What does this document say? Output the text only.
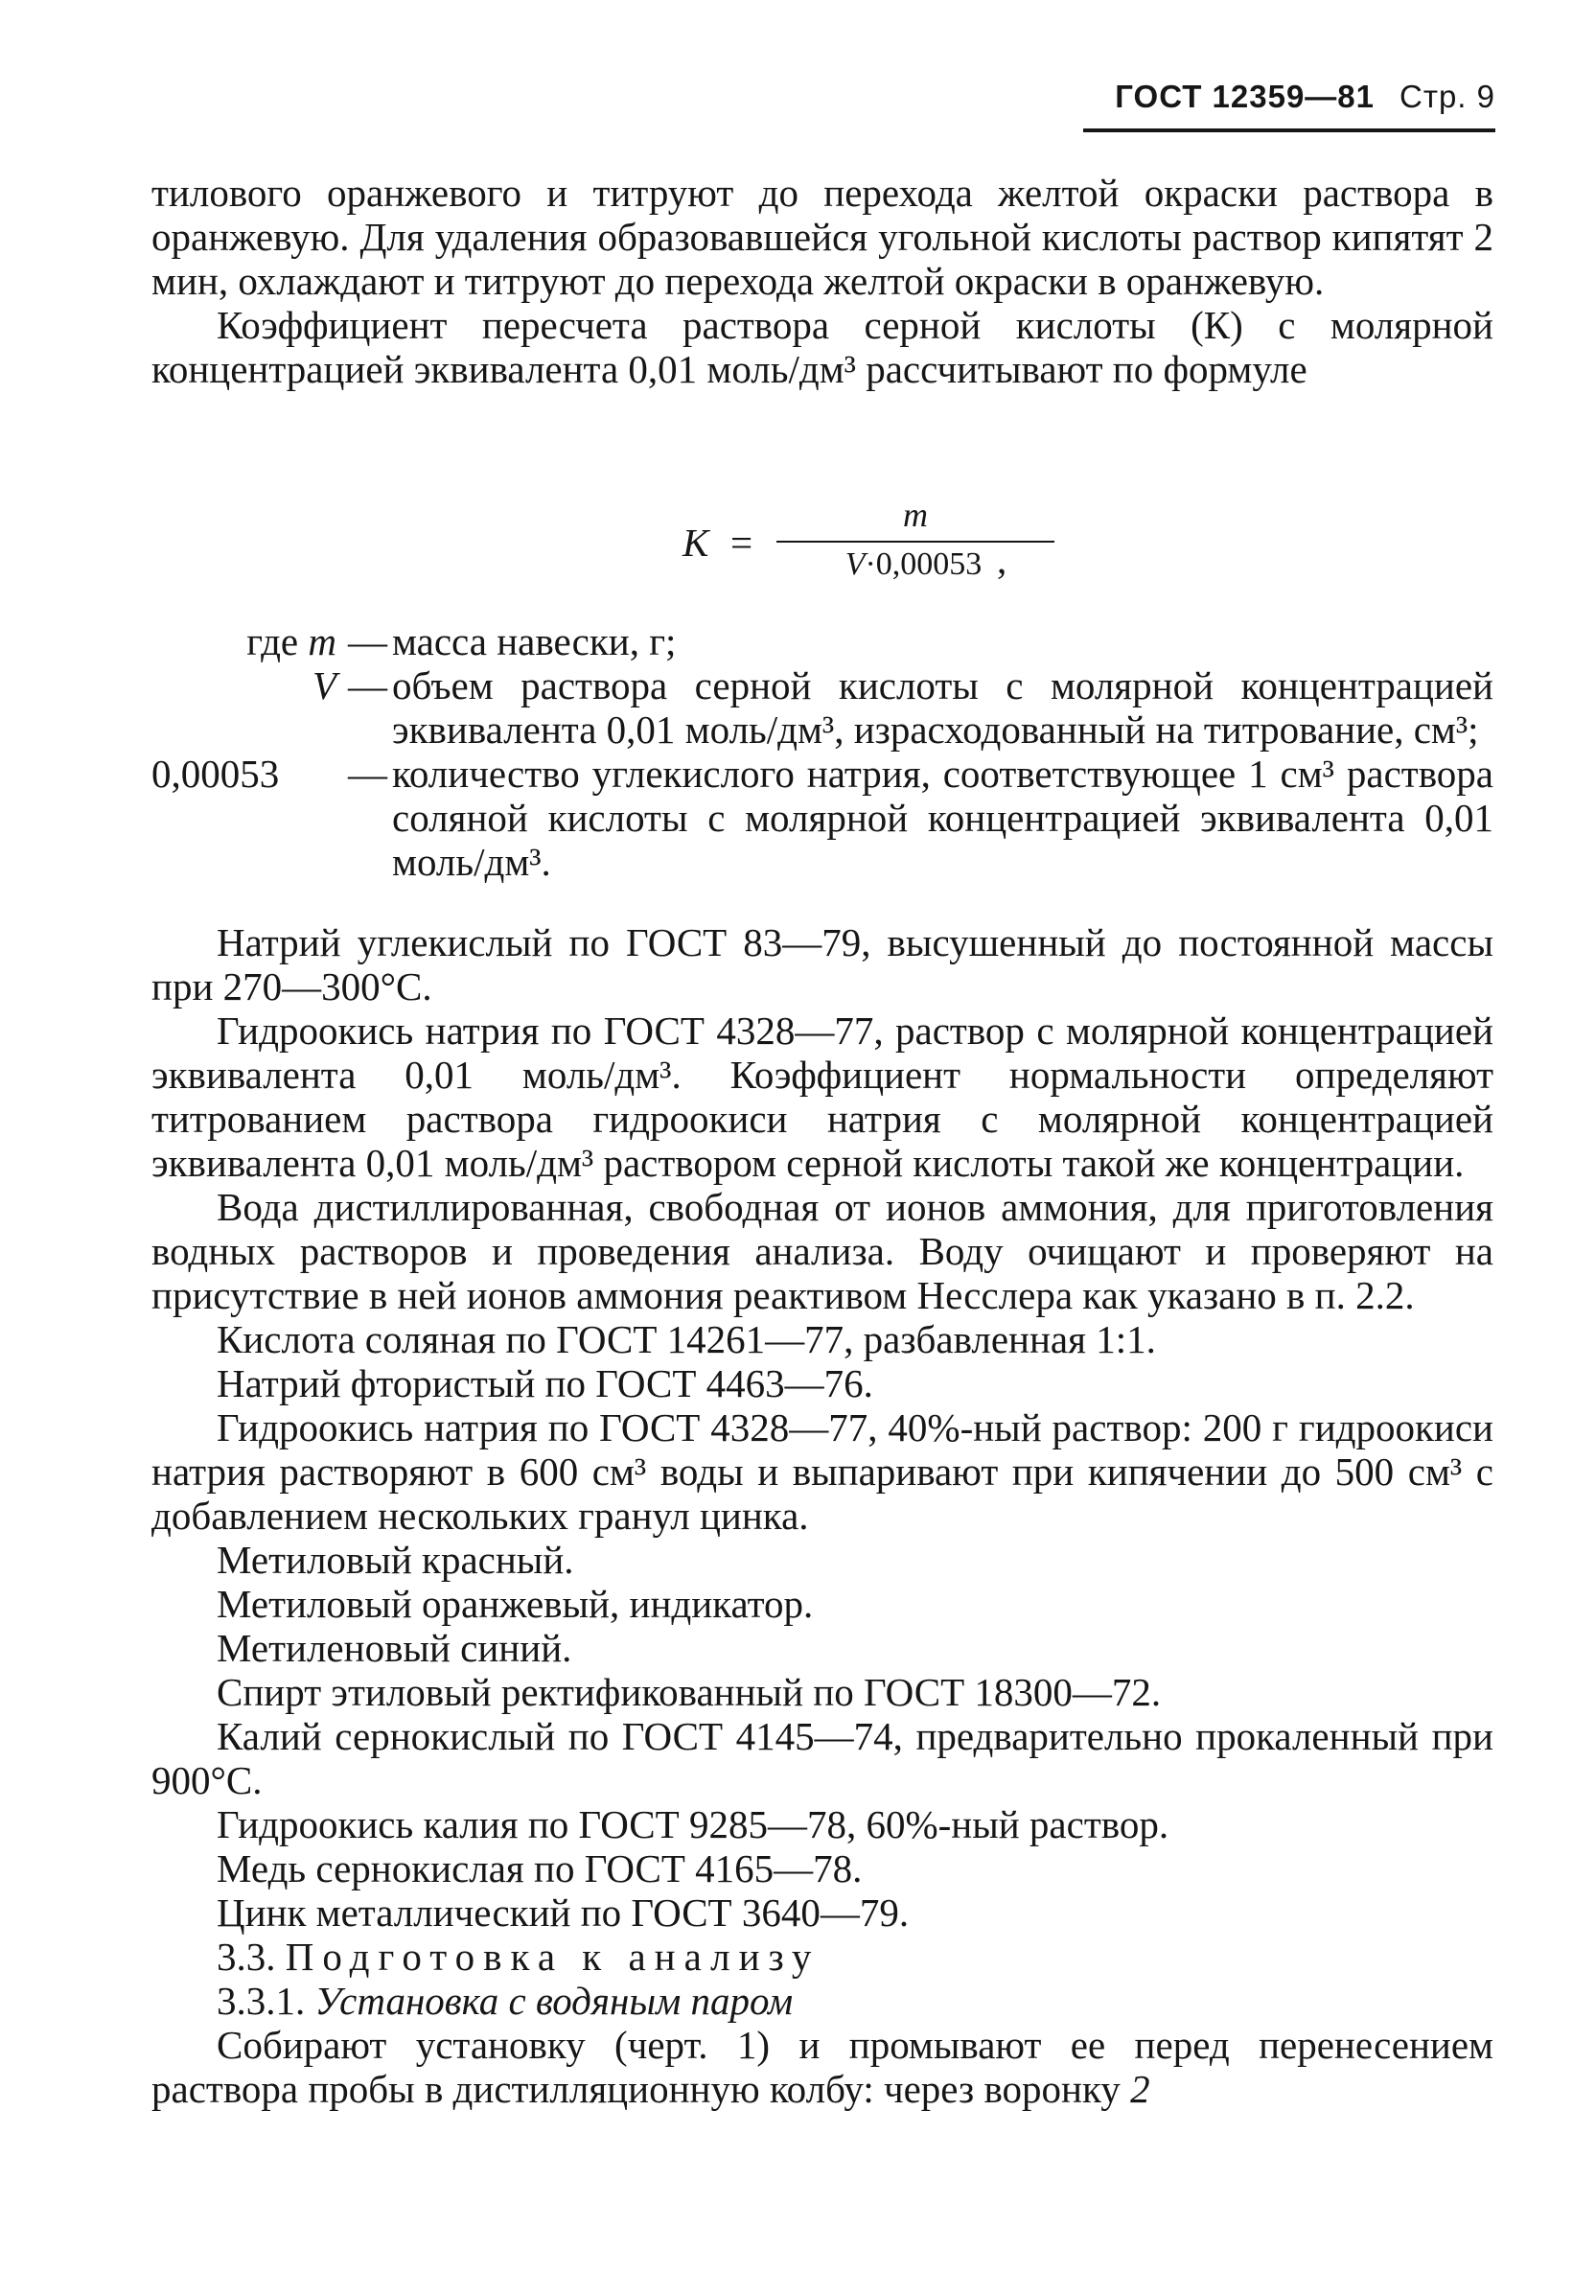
ГОСТ 12359—81 Стр. 9

тилового оранжевого и титруют до перехода желтой окраски раствора в оранжевую. Для удаления образовавшейся угольной кислоты раствор кипятят 2 мин, охлаждают и титруют до перехода желтой окраски в оранжевую.

Коэффициент пересчета раствора серной кислоты (К) с молярной концентрацией эквивалента 0,01 моль/дм³ рассчитывают по формуле

K =
m
V·0,00053 ,
где m — масса навески, г;
V — объем раствора серной кислоты с молярной концентрацией эквивалента 0,01 моль/дм³, израсходованный на титрование, см³;
0,00053	— количество углекислого натрия, соответствующее 1 см³ раствора соляной кислоты с молярной концентрацией эквивалента 0,01 моль/дм³.

Натрий углекислый по ГОСТ 83—79, высушенный до постоянной массы при 270—300°С.

Гидроокись натрия по ГОСТ 4328—77, раствор с молярной концентрацией эквивалента 0,01 моль/дм³. Коэффициент нормальности определяют титрованием раствора гидроокиси натрия с молярной концентрацией эквивалента 0,01 моль/дм³ раствором серной кислоты такой же концентрации.

Вода дистиллированная, свободная от ионов аммония, для приготовления водных растворов и проведения анализа. Воду очищают и проверяют на присутствие в ней ионов аммония реактивом Несслера как указано в п. 2.2.

Кислота соляная по ГОСТ 14261—77, разбавленная 1:1.

Натрий фтористый по ГОСТ 4463—76.

Гидроокись натрия по ГОСТ 4328—77, 40%-ный раствор: 200 г гидроокиси натрия растворяют в 600 см³ воды и выпаривают при кипячении до 500 см³ с добавлением нескольких гранул цинка.

Метиловый красный.

Метиловый оранжевый, индикатор.

Метиленовый синий.

Спирт этиловый ректификованный по ГОСТ 18300—72.

Калий сернокислый по ГОСТ 4145—74, предварительно прокаленный при 900°С.

Гидроокись калия по ГОСТ 9285—78, 60%-ный раствор.

Медь сернокислая по ГОСТ 4165—78.

Цинк металлический по ГОСТ 3640—79.

3.3. Подготовка к анализу

3.3.1. Установка с водяным паром

Собирают установку (черт. 1) и промывают ее перед перенесением раствора пробы в дистилляционную колбу: через воронку 2
